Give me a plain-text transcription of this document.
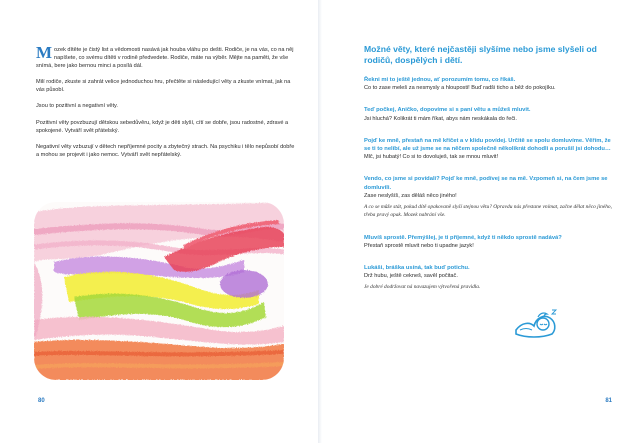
M ozek dítěte je čistý list a vědomosti nasává jak houba vláhu po dešti. Rodiče, je na vás, co na něj napíšete, co svému dítěti v rodině předvedete. Rodiče, máte na výběr. Mějte na paměti, že vše snímá, bere jako bernou minci a posílá dál.

Milí rodiče, zkuste si zahrát velice jednoduchou hru, přečtěte si následující věty a zkuste vnímat, jak na vás působí.

Jsou to pozitivní a negativní věty.

Pozitivní věty povzbuzují dětskou sebedůvěru, když je děti slyší, cítí se dobře, jsou radostné, zdravé a spokojené. Vytváří svět přátelský.

Negativní věty vzbuzují v dětech nepříjemné pocity a zbytečný strach. Na psychiku i tělo nepůsobí dobře a mohou se projevit i jako nemoc. Vytváří svět nepřátelský.

80
Možné věty, které nejčastěji slyšíme nebo jsme slyšeli od rodičů, dospělých i dětí.

Řekni mi to ještě jednou, ať porozumím tomu, co říkáš.

Co to zase meleš za nesmysly a hlouposti! Buď radši ticho a běž do pokojíku.

Teď počkej, Aničko, dopovíme si s paní větu a můžeš mluvit.

Jsi hluchá? Kolikrát ti mám říkat, abys nám neskákala do řeči.

Pojď ke mně, přestaň na mě křičet a v klidu povídej. Určitě se spolu domluvíme. Věřím, že se ti to nelíbí, ale už jsme se na něčem společně několikrát dohodli a porušil jsi dohodu…

Mlč, jsi hubatý! Co si to dovoluješ, tak se mnou mluvit!

Vendo, co jsme si povídali? Pojď ke mně, podívej se na mě. Vzpomeň si, na čem jsme se domluvili.

Zase neslyšíš, zas děláš něco jiného!

A co se může stát, pokud dítě opakovaně slyší stejnou větu? Opravdu nás přestane vnímat, začne dělat něco jiného, třeba pravý opak. Mozek nabrání vše.

Mluvíš sprostě. Přemýšlej, je ti příjemné, když ti někdo sprostě nadává?

Přestaň sprostě mluvit nebo ti upadne jazyk!

Lukáši, bráška usíná, tak buď potichu.

Drž hubu, ještě cekneš, savěl počitač.

Je dobré dodržovat ná navazujem výtvořená pravidla.

81
